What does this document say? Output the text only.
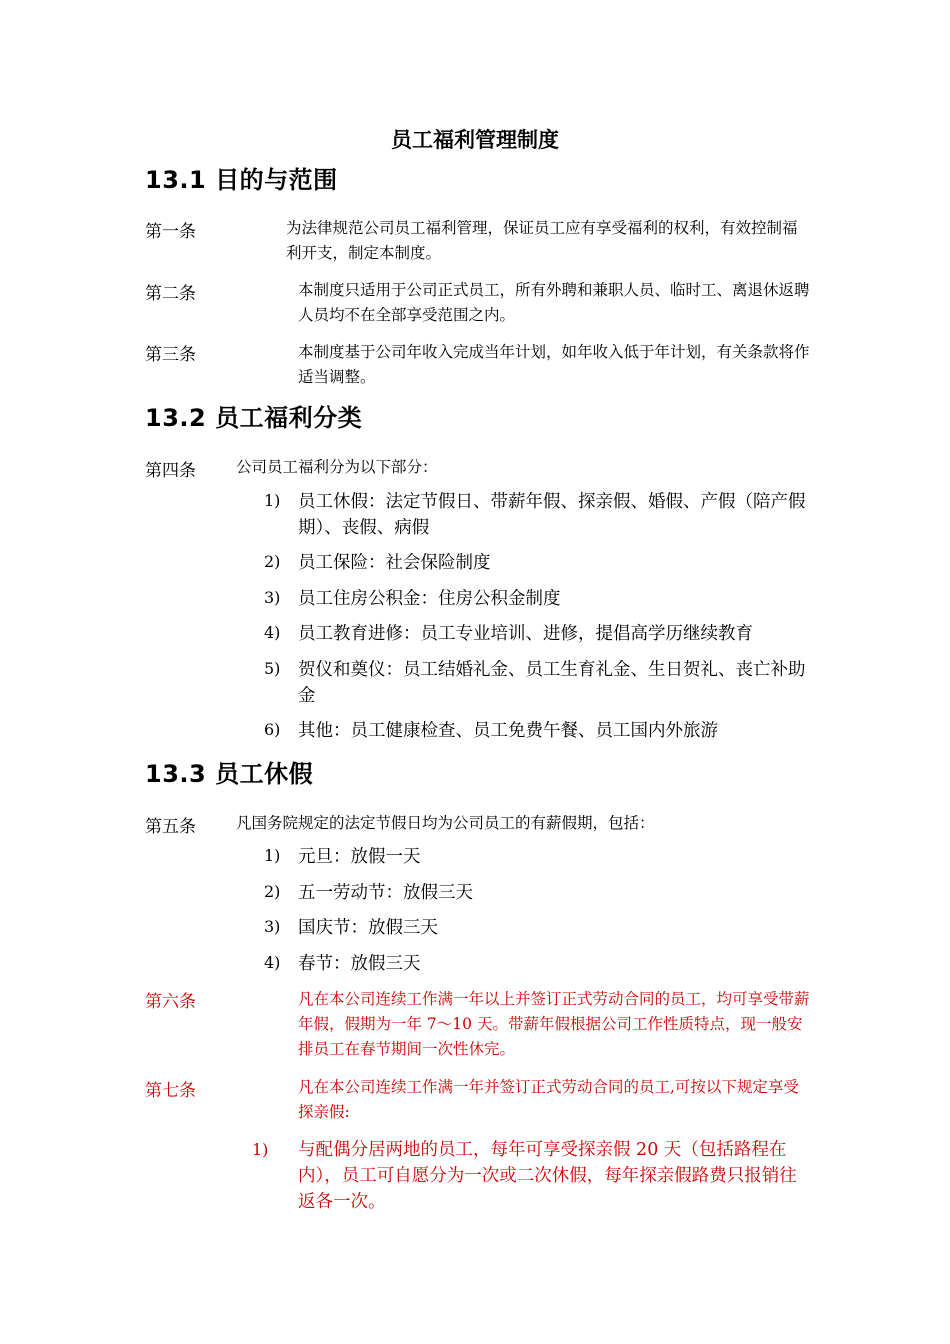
员工福利管理制度
13.1 目的与范围
第一条	为法律规范公司员工福利管理，保证员工应有享受福利的权利，有效控制福利开支，制定本制度。
第二条	本制度只适用于公司正式员工，所有外聘和兼职人员、临时工、离退休返聘人员均不在全部享受范围之内。
第三条	本制度基于公司年收入完成当年计划，如年收入低于年计划，有关条款将作适当调整。
13.2 员工福利分类
第四条	公司员工福利分为以下部分：
1) 员工休假：法定节假日、带薪年假、探亲假、婚假、产假（陪产假期）、丧假、病假
2) 员工保险：社会保险制度
3) 员工住房公积金：住房公积金制度
4) 员工教育进修：员工专业培训、进修，提倡高学历继续教育
5) 贺仪和奠仪：员工结婚礼金、员工生育礼金、生日贺礼、丧亡补助金
6) 其他：员工健康检查、员工免费午餐、员工国内外旅游
13.3 员工休假
第五条	凡国务院规定的法定节假日均为公司员工的有薪假期，包括：
1) 元旦：放假一天
2) 五一劳动节：放假三天
3) 国庆节：放假三天
4) 春节：放假三天
第六条	凡在本公司连续工作满一年以上并签订正式劳动合同的员工，均可享受带薪年假，假期为一年 7～10 天。带薪年假根据公司工作性质特点，现一般安排员工在春节期间一次性休完。
第七条	凡在本公司连续工作满一年并签订正式劳动合同的员工,可按以下规定享受探亲假:
1) 与配偶分居两地的员工，每年可享受探亲假 20 天（包括路程在内），员工可自愿分为一次或二次休假，每年探亲假路费只报销往返各一次。
